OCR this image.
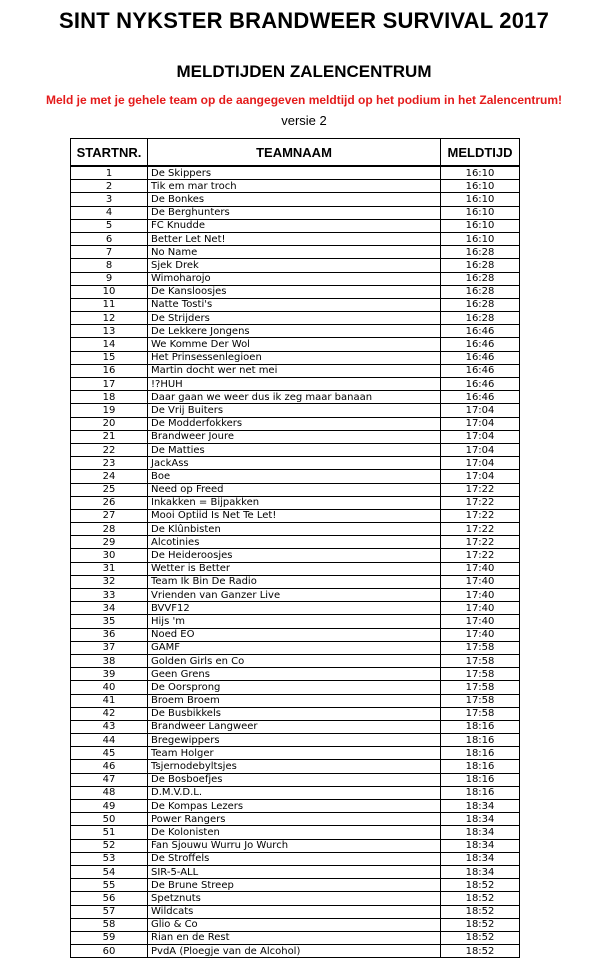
SINT NYKSTER BRANDWEER SURVIVAL 2017
MELDTIJDEN ZALENCENTRUM
Meld je met je gehele team op de aangegeven meldtijd op het podium in het Zalencentrum!
versie 2
STARTNR.	TEAMNAAM	MELDTIJD
1	De Skippers	16:10
2	Tik em mar troch	16:10
3	De Bonkes	16:10
4	De Berghunters	16:10
5	FC Knudde	16:10
6	Better Let Net!	16:10
7	No Name	16:28
8	Sjek Drek	16:28
9	Wimoharojo	16:28
10	De Kansloosjes	16:28
11	Natte Tosti's	16:28
12	De Strijders	16:28
13	De Lekkere Jongens	16:46
14	We Komme Der Wol	16:46
15	Het Prinsessenlegioen	16:46
16	Martin docht wer net mei	16:46
17	!?HUH	16:46
18	Daar gaan we weer dus ik zeg maar banaan	16:46
19	De Vrij Buiters	17:04
20	De Modderfokkers	17:04
21	Brandweer Joure	17:04
22	De Matties	17:04
23	JackAss	17:04
24	Boe	17:04
25	Need op Freed	17:22
26	Inkakken = Bijpakken	17:22
27	Mooi Optiid Is Net Te Let!	17:22
28	De Klûnbisten	17:22
29	Alcotinies	17:22
30	De Heideroosjes	17:22
31	Wetter is Better	17:40
32	Team Ik Bin De Radio	17:40
33	Vrienden van Ganzer Live	17:40
34	BVVF12	17:40
35	Hijs 'm	17:40
36	Noed EO	17:40
37	GAMF	17:58
38	Golden Girls en Co	17:58
39	Geen Grens	17:58
40	De Oorsprong	17:58
41	Broem Broem	17:58
42	De Busbikkels	17:58
43	Brandweer Langweer	18:16
44	Bregewippers	18:16
45	Team Holger	18:16
46	Tsjernodebyltsjes	18:16
47	De Bosboefjes	18:16
48	D.M.V.D.L.	18:16
49	De Kompas Lezers	18:34
50	Power Rangers	18:34
51	De Kolonisten	18:34
52	Fan Sjouwu Wurru Jo Wurch	18:34
53	De Stroffels	18:34
54	SIR-5-ALL	18:34
55	De Brune Streep	18:52
56	Spetznuts	18:52
57	Wildcats	18:52
58	Glio & Co	18:52
59	Rian en de Rest	18:52
60	PvdA (Ploegje van de Alcohol)	18:52
